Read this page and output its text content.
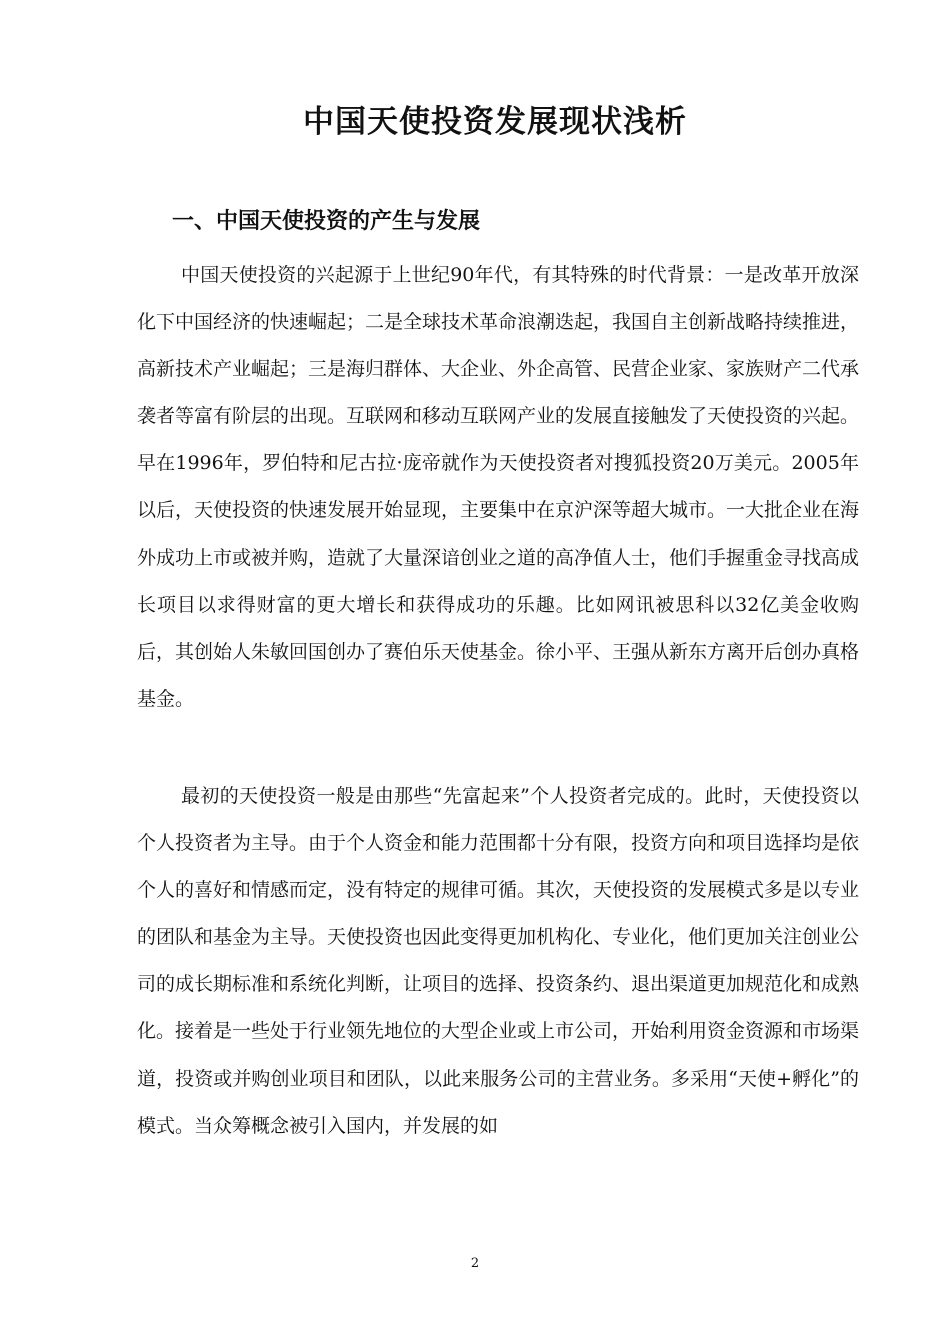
中国天使投资发展现状浅析
一、中国天使投资的产生与发展

中国天使投资的兴起源于上世纪90年代，有其特殊的时代背景：一是改革开放深化下中国经济的快速崛起；二是全球技术革命浪潮迭起，我国自主创新战略持续推进，高新技术产业崛起；三是海归群体、大企业、外企高管、民营企业家、家族财产二代承袭者等富有阶层的出现。互联网和移动互联网产业的发展直接触发了天使投资的兴起。早在1996年，罗伯特和尼古拉·庞帝就作为天使投资者对搜狐投资20万美元。2005年以后，天使投资的快速发展开始显现，主要集中在京沪深等超大城市。一大批企业在海外成功上市或被并购，造就了大量深谙创业之道的高净值人士，他们手握重金寻找高成长项目以求得财富的更大增长和获得成功的乐趣。比如网讯被思科以32亿美金收购后，其创始人朱敏回国创办了赛伯乐天使基金。徐小平、王强从新东方离开后创办真格基金。

最初的天使投资一般是由那些“先富起来”个人投资者完成的。此时，天使投资以个人投资者为主导。由于个人资金和能力范围都十分有限，投资方向和项目选择均是依个人的喜好和情感而定，没有特定的规律可循。其次，天使投资的发展模式多是以专业的团队和基金为主导。天使投资也因此变得更加机构化、专业化，他们更加关注创业公司的成长期标准和系统化判断，让项目的选择、投资条约、退出渠道更加规范化和成熟化。接着是一些处于行业领先地位的大型企业或上市公司，开始利用资金资源和市场渠道，投资或并购创业项目和团队，以此来服务公司的主营业务。多采用“天使+孵化”的模式。当众筹概念被引入国内，并发展的如

2
